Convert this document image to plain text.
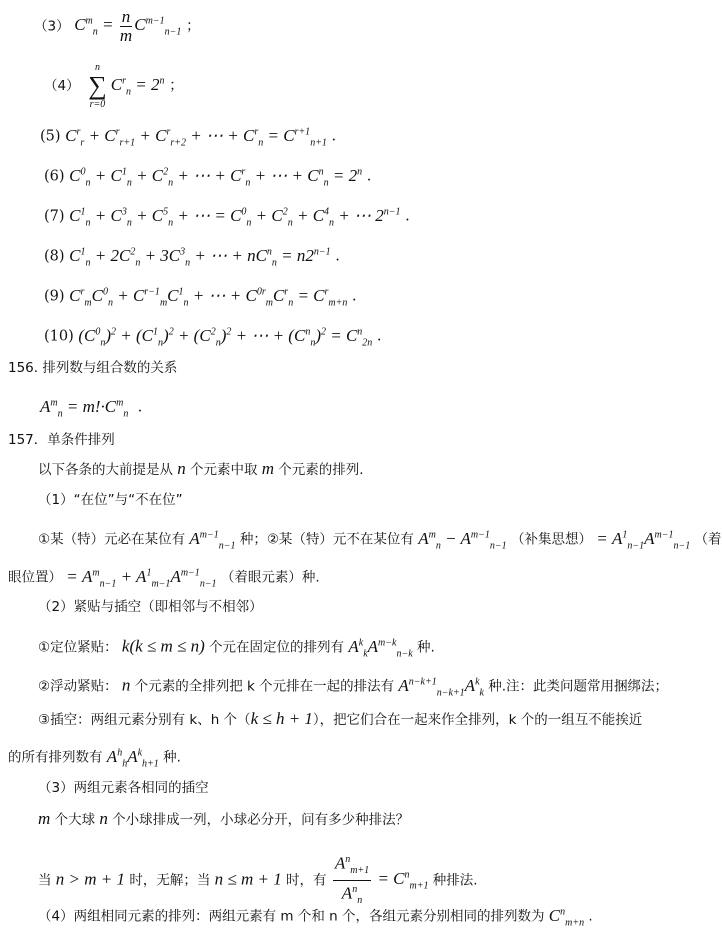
（3） $C^m_n = \frac{n}{m} C^{m-1}_{n-1}$ ；
（4）
n
∑
r=0
$C^r_n = 2^n$ ；
(5) $C^r_r + C^r_{r+1} + C^r_{r+2}$ + ⋯ + $C^r_n = C^{r+1}_{n+1}$ .
(6) $C^0_n + C^1_n + C^2_n$ + ⋯ + $C^r_n$ + ⋯ + $C^n_n = 2^n$ .
(7) $C^1_n + C^3_n + C^5_n$ + ⋯ = $C^0_n + C^2_n + C^4_n$ + ⋯ $2^{n-1}$ .
(8) $C^1_n + 2C^2_n + 3C^3_n$ + ⋯ + $nC^n_n = n2^{n-1}$ .
(9) $C^r_mC^0_n + C^{r-1}_mC^1_n$ + ⋯ + $C^{0r}_mC^r_n = C^r_{m+n}$ .
(10) $(C^0_n)^2 + (C^1_n)^2 + (C^2_n)^2$ + ⋯ + $(C^n_n)^2 = C^n_{2n}$ .
156. 排列数与组合数的关系
$A^m_n = m!\cdot C^m_n$  .
157．单条件排列
以下各条的大前提是从 n 个元素中取 m 个元素的排列.
（1）“在位”与“不在位”
①某（特）元必在某位有 $A^{m-1}_{n-1}$ 种；②某（特）元不在某位有 $A^m_n - A^{m-1}_{n-1}$ （补集思想） = $A^1_{n-1}A^{m-1}_{n-1}$ （着
眼位置） = $A^m_{n-1} + A^1_{m-1}A^{m-1}_{n-1}$ （着眼元素）种.
（2）紧贴与插空（即相邻与不相邻）
①定位紧贴： k(k ≤ m ≤ n) 个元在固定位的排列有 $A^k_kA^{m-k}_{n-k}$ 种.
②浮动紧贴： n 个元素的全排列把 k 个元排在一起的排法有 $A^{n-k+1}_{n-k+1}A^k_k$ 种.注：此类问题常用捆绑法；
③插空：两组元素分别有 k、h 个（k ≤ h + 1），把它们合在一起来作全排列，k 个的一组互不能挨近
的所有排列数有 $A^h_hA^k_{h+1}$ 种.
（3）两组元素各相同的插空
m 个大球 n 个小球排成一列，小球必分开，问有多少种排法？
当 n > m + 1 时，无解；当 n ≤ m + 1 时，有 $\frac{A^n_{m+1}}{A^n_n} = C^n_{m+1}$ 种排法.
（4）两组相同元素的排列：两组元素有 m 个和 n 个，各组元素分别相同的排列数为 $C^n_{m+n}$ .
